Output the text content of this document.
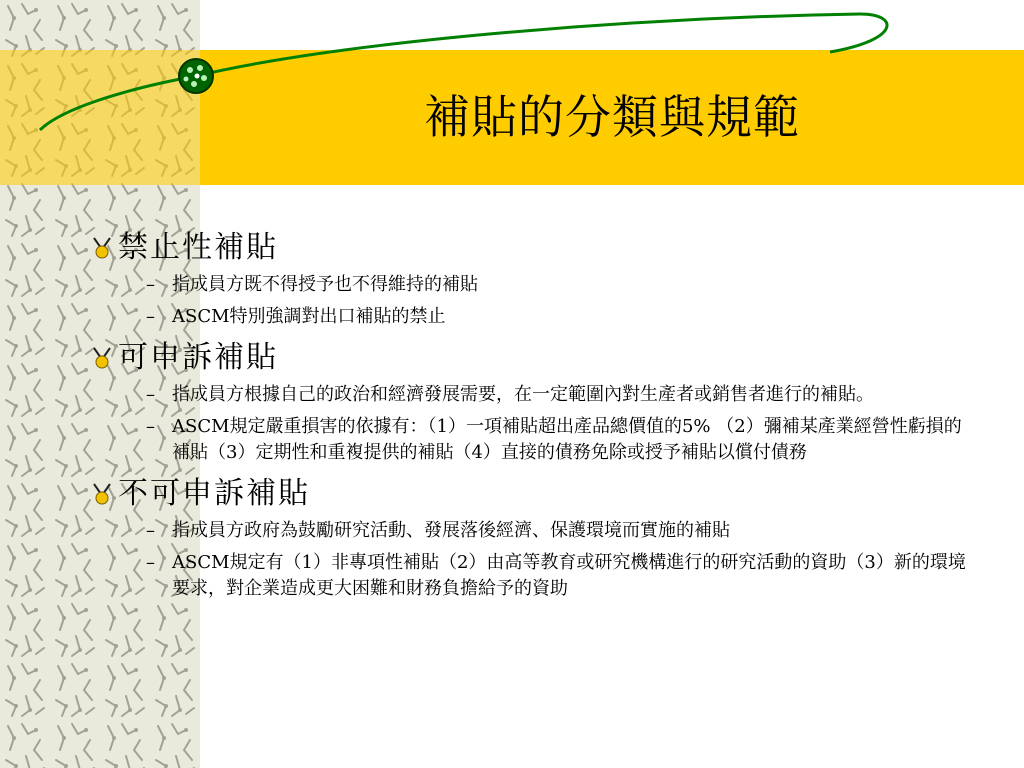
補貼的分類與規範
禁止性補貼
– 指成員方既不得授予也不得維持的補貼
– ASCM特別強調對出口補貼的禁止
可申訴補貼
– 指成員方根據自己的政治和經濟發展需要，在一定範圍內對生產者或銷售者進行的補貼。
– ASCM規定嚴重損害的依據有：（1）一項補貼超出產品總價值的5% （2）彌補某產業經營性虧損的補貼（3）定期性和重複提供的補貼（4）直接的債務免除或授予補貼以償付債務
不可申訴補貼
– 指成員方政府為鼓勵研究活動、發展落後經濟、保護環境而實施的補貼
– ASCM規定有（1）非專項性補貼（2）由高等教育或研究機構進行的研究活動的資助（3）新的環境要求，對企業造成更大困難和財務負擔給予的資助
